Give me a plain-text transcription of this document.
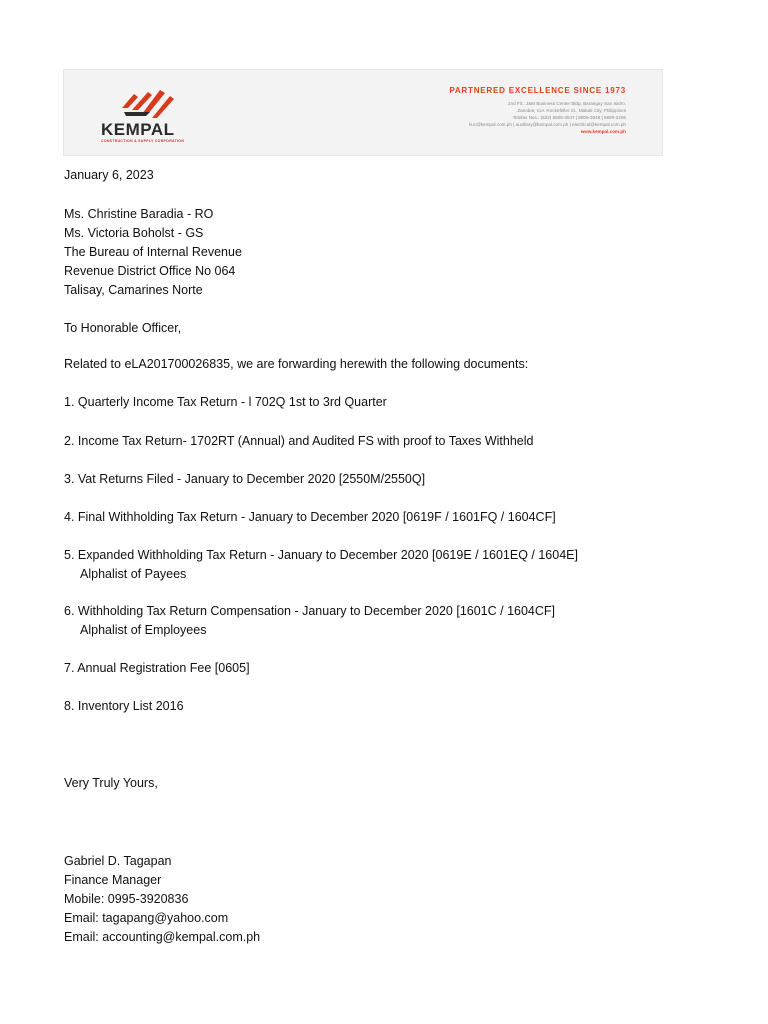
KEMPAL
CONSTRUCTION & SUPPLY CORPORATION
PARTNERED EXCELLENCE SINCE 1973
2nd Flr., J&M Business Center Bldg. Barangay San Isidro,
Zanobar, Cor. Rockefeller St., Makati City, Philippines
Telefax Nos.: (632) 8806-3047 | 8806-3048 | 8899-3206
kuc@kempal.com.ph | auxiliary@kempal.com.ph | electrical@kempal.com.ph
www.kempal.com.ph
January 6, 2023
Ms. Christine Baradia - RO
Ms. Victoria Boholst - GS
The Bureau of Internal Revenue
Revenue District Office No 064
Talisay, Camarines Norte
To Honorable Officer,
Related to eLA201700026835, we are forwarding herewith the following documents:
1. Quarterly Income Tax Return - l 702Q 1st to 3rd Quarter
2. Income Tax Return- 1702RT (Annual) and Audited FS with proof to Taxes Withheld
3. Vat Returns Filed - January to December 2020 [2550M/2550Q]
4. Final Withholding Tax Return - January to December 2020 [0619F / 1601FQ / 1604CF]
5. Expanded Withholding Tax Return - January to December 2020 [0619E / 1601EQ / 1604E]
Alphalist of Payees
6. Withholding Tax Return Compensation - January to December 2020 [1601C / 1604CF]
Alphalist of Employees
7. Annual Registration Fee [0605]
8. Inventory List 2016
Very Truly Yours,
Gabriel D. Tagapan
Finance Manager
Mobile: 0995-3920836
Email: tagapang@yahoo.com
Email: accounting@kempal.com.ph
